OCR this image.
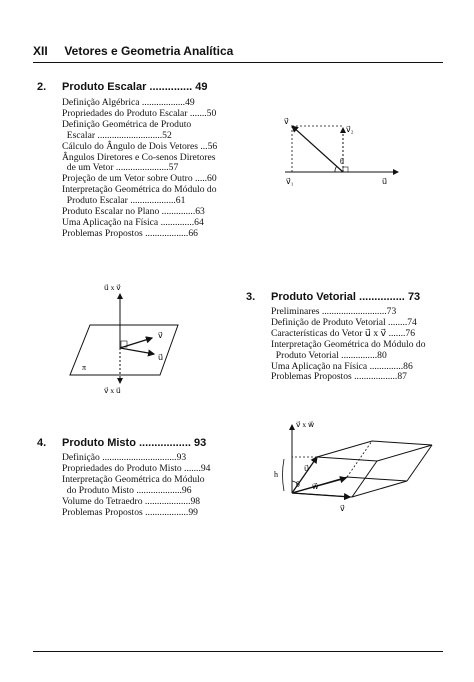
XII Vetores e Geometria Analítica
2. Produto Escalar .............. 49
Definição Algébrica ..................49
Propriedades do Produto Escalar .......50
Definição Geométrica de Produto
Escalar ...........................52
Cálculo do Ângulo de Dois Vetores ...56
Ângulos Diretores e Co-senos Diretores
de um Vetor ......................57
Projeção de um Vetor sobre Outro .....60
Interpretação Geométrica do Módulo do
Produto Escalar ...................61
Produto Escalar no Plano ..............63
Uma Aplicação na Física ..............64
Problemas Propostos ..................66
v⃗
v⃗₂
θ
v⃗₁	u⃗
u⃗ x v⃗
v⃗ x u⃗
v⃗
u⃗
π
3. Produto Vetorial ............... 73
Preliminares ...........................73
Definição de Produto Vetorial ........74
Características do Vetor u⃗ x v⃗ .......76
Interpretação Geométrica do Módulo do
Produto Vetorial ...............80
Uma Aplicação na Física ..............86
Problemas Propostos ..................87
v⃗ x w⃗
u⃗
θ w⃗
h
v⃗
4. Produto Misto ................. 93
Definição ...............................93
Propriedades do Produto Misto .......94
Interpretação Geométrica do Módulo
do Produto Misto ...................96
Volume do Tetraedro ...................98
Problemas Propostos ..................99
